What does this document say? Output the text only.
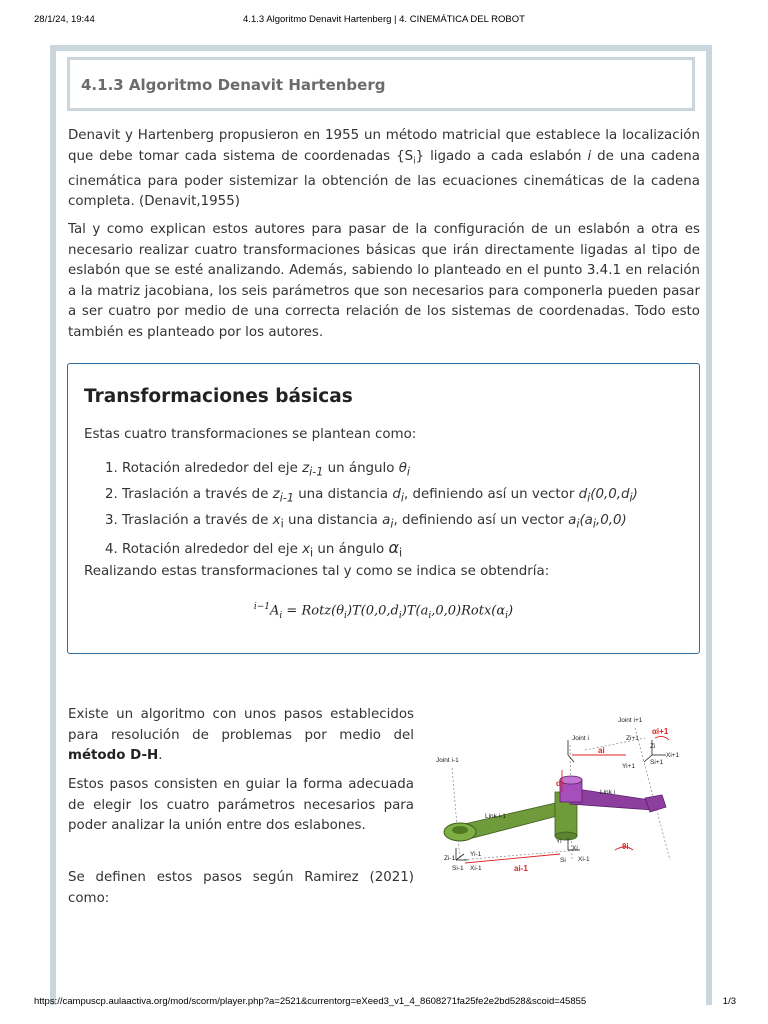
28/1/24, 19:44	4.1.3 Algoritmo Denavit Hartenberg | 4. CINEMÁTICA DEL ROBOT
4.1.3 Algoritmo Denavit Hartenberg

Denavit y Hartenberg propusieron en 1955 un método matricial que establece la localización que debe tomar cada sistema de coordenadas $\{S_i\}$ ligado a cada eslabón i de una cadena cinemática para poder sistemizar la obtención de las ecuaciones cinemáticas de la cadena completa. (Denavit,1955)

Tal y como explican estos autores para pasar de la configuración de un eslabón a otra es necesario realizar cuatro transformaciones básicas que irán directamente ligadas al tipo de eslabón que se esté analizando. Además, sabiendo lo planteado en el punto 3.4.1 en relación a la matriz jacobiana, los seis parámetros que son necesarios para componerla pueden pasar a ser cuatro por medio de una correcta relación de los sistemas de coordenadas. Todo esto también es planteado por los autores.

Transformaciones básicas

Estas cuatro transformaciones se plantean como:

1. Rotación alrededor del eje $z_{i-1}$ un ángulo $\theta_i$
2. Traslación a través de $z_{i-1}$ una distancia $d_i$, definiendo así un vector $d_i(0,0,d_i)$
3. Traslación a través de $x_i$ una distancia $a_i$, definiendo así un vector $a_i(a_i,0,0)$
4. Rotación alrededor del eje $x_i$ un ángulo $\alpha_i$

Realizando estas transformaciones tal y como se indica se obtendría:

$^{i-1}A_i$ = $Rotz(\theta_i)T(0,0,d_i)T(a_i,0,0)Rotx(\alpha_i)$

Existe un algoritmo con unos pasos establecidos para resolución de problemas por medio del método D-H.

Estos pasos consisten en guiar la forma adecuada de elegir los cuatro parámetros necesarios para poder analizar la unión entre dos eslabones.

Se definen estos pasos según Ramirez (2021) como:

Joint i-1
Joint i
Joint i+1
Link i-1
Link i
Zi+1
Zi
Xi+1
Yi+1
Si+1
Yi
Xi
Si Xi-1
Zi-1
Yi-1
Si-1 Xi-1
ai
αi+1
di
ai-1
θi
https://campuscp.aulaactiva.org/mod/scorm/player.php?a=2521&currentorg=eXeed3_v1_4_8608271fa25fe2e2bd528&scoid=45855	1/3
